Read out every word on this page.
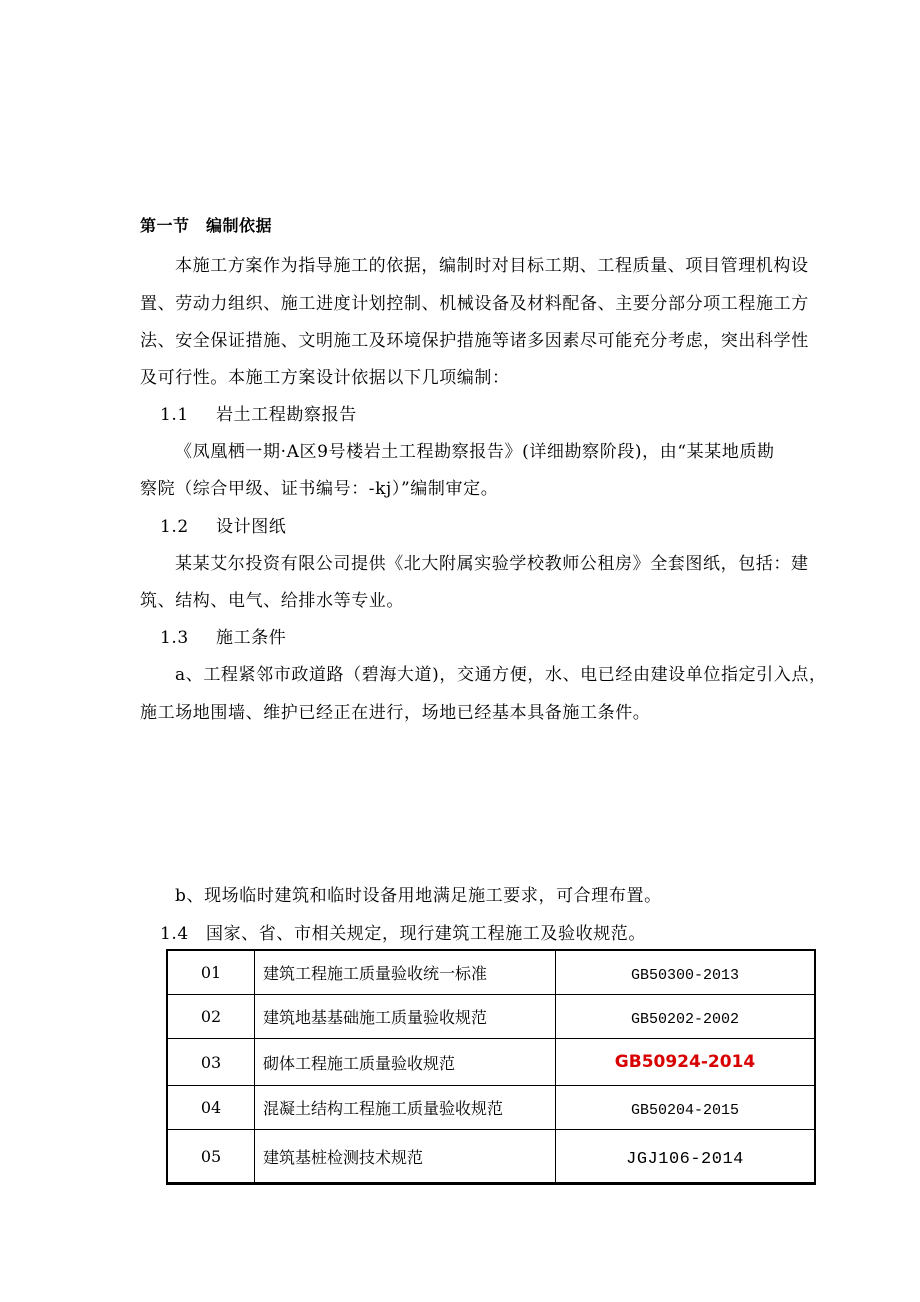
第一节　编制依据
本施工方案作为指导施工的依据，编制时对目标工期、工程质量、项目管理机构设
置、劳动力组织、施工进度计划控制、机械设备及材料配备、主要分部分项工程施工方
法、安全保证措施、文明施工及环境保护措施等诸多因素尽可能充分考虑，突出科学性
及可行性。本施工方案设计依据以下几项编制：
1.1 岩土工程勘察报告
《凤凰栖一期·A区9号楼岩土工程勘察报告》(详细勘察阶段)，由“某某地质勘
察院（综合甲级、证书编号：-kj）”编制审定。
1.2 设计图纸
某某艾尔投资有限公司提供《北大附属实验学校教师公租房》全套图纸，包括：建
筑、结构、电气、给排水等专业。
1.3 施工条件
a、工程紧邻市政道路（碧海大道)，交通方便，水、电已经由建设单位指定引入点，
施工场地围墙、维护已经正在进行，场地已经基本具备施工条件。
b、现场临时建筑和临时设备用地满足施工要求，可合理布置。
1.4 国家、省、市相关规定，现行建筑工程施工及验收规范。
01	建筑工程施工质量验收统一标准	GB50300-2013
02	建筑地基基础施工质量验收规范	GB50202-2002
03	砌体工程施工质量验收规范	GB50924-2014
04	混凝土结构工程施工质量验收规范	GB50204-2015
05	建筑基桩检测技术规范	JGJ106-2014
